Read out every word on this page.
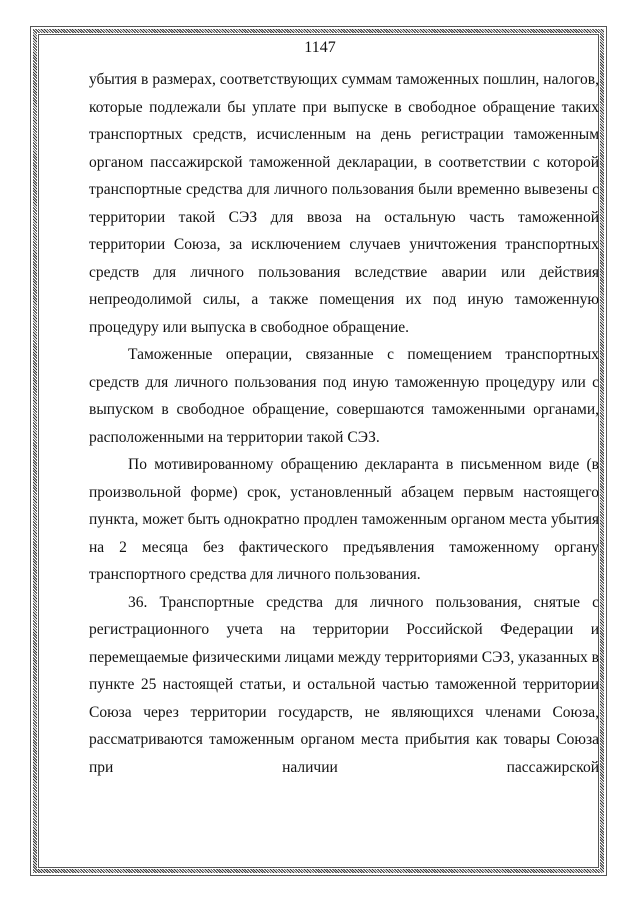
1147

убытия в размерах, соответствующих суммам таможенных пошлин, налогов, которые подлежали бы уплате при выпуске в свободное обращение таких транспортных средств, исчисленным на день регистрации таможенным органом пассажирской таможенной декларации, в соответствии с которой транспортные средства для личного пользования были временно вывезены с территории такой СЭЗ для ввоза на остальную часть таможенной территории Союза, за исключением случаев уничтожения транспортных средств для личного пользования вследствие аварии или действия непреодолимой силы, а также помещения их под иную таможенную процедуру или выпуска в свободное обращение.

Таможенные операции, связанные с помещением транспортных средств для личного пользования под иную таможенную процедуру или с выпуском в свободное обращение, совершаются таможенными органами, расположенными на территории такой СЭЗ.

По мотивированному обращению декларанта в письменном виде (в произвольной форме) срок, установленный абзацем первым настоящего пункта, может быть однократно продлен таможенным органом места убытия на 2 месяца без фактического предъявления таможенному органу транспортного средства для личного пользования.

36. Транспортные средства для личного пользования, снятые с регистрационного учета на территории Российской Федерации и перемещаемые физическими лицами между территориями СЭЗ, указанных в пункте 25 настоящей статьи, и остальной частью таможенной территории Союза через территории государств, не являющихся членами Союза, рассматриваются таможенным органом места прибытия как товары Союза при наличии пассажирской
